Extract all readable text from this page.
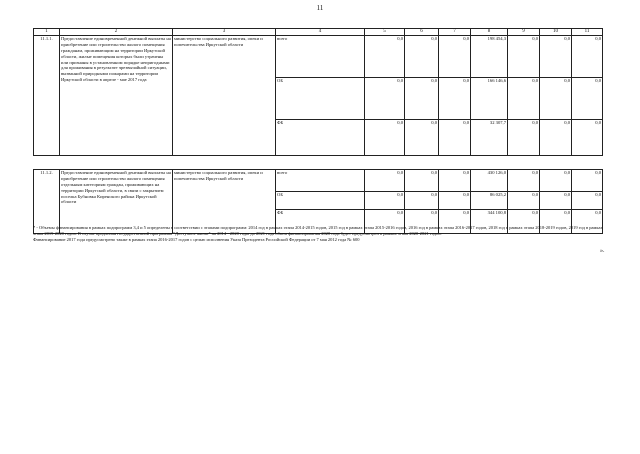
11
1	2	3	4	5	6	7	8	9	10	11
11.1.1.	Предоставление единовременной денежной выплаты на приобретение или строительство жилого помещения гражданам, проживающим на территории Иркутской области, жилые помещения которых были утрачены или признаны в установленном порядке непригодными для проживания в результате чрезвычайной ситуации, вызванной природными пожарами на территории Иркутской области в апреле - мае 2017 года	министерство социального развития, опеки и попечительства Иркутской области	всего	0,0	0,0	0,0	198 454,3	0,0	0,0	0,0
			ОБ	0,0	0,0	0,0	166 146,6	0,0	0,0	0,0
			ФБ	0,0	0,0	0,0	32 307,7	0,0	0,0	0,0

11.1.2.	Предоставление единовременной денежной выплаты на приобретение или строительство жилого помещения отдельным категориям граждан, проживающих на территории Иркутской области, в связи с закрытием поселка Бубновка Киренского района Иркутской области	министерство социального развития, опеки и попечительства Иркутской области	всего	0,0	0,0	0,0	430 126,0	0,0	0,0	0,0
			ОБ	0,0	0,0	0,0	86 025,2	0,0	0,0	0,0
			ФБ	0,0	0,0	0,0	344 100,8	0,0	0,0	0,0

* - Объемы финансирования в рамках подпрограмм 3,4 и 5 определены в соответствии с этапами подпрограмм: 2014 год в рамках этапа 2014-2015 годов, 2015 год в рамках этапа 2015-2016 годов, 2016 год в рамках этапа 2016-2017 годов, 2018 год в рамках этапа 2018-2019 годов, 2019 год в рамках этапа 2019-2020 годов. В случае продления государственной программы "Доступное жилье" на 2014 - 2020 годы до 2021 года объем финансирования 2020 года будет предусмотрен в рамках этапа 2020-2021 годов.

Финансирование 2017 года предусмотрено также в рамках этапа 2016-2017 годов с целью исполнения Указа Президента Российской Федерации от 7 мая 2012 года № 600

».
